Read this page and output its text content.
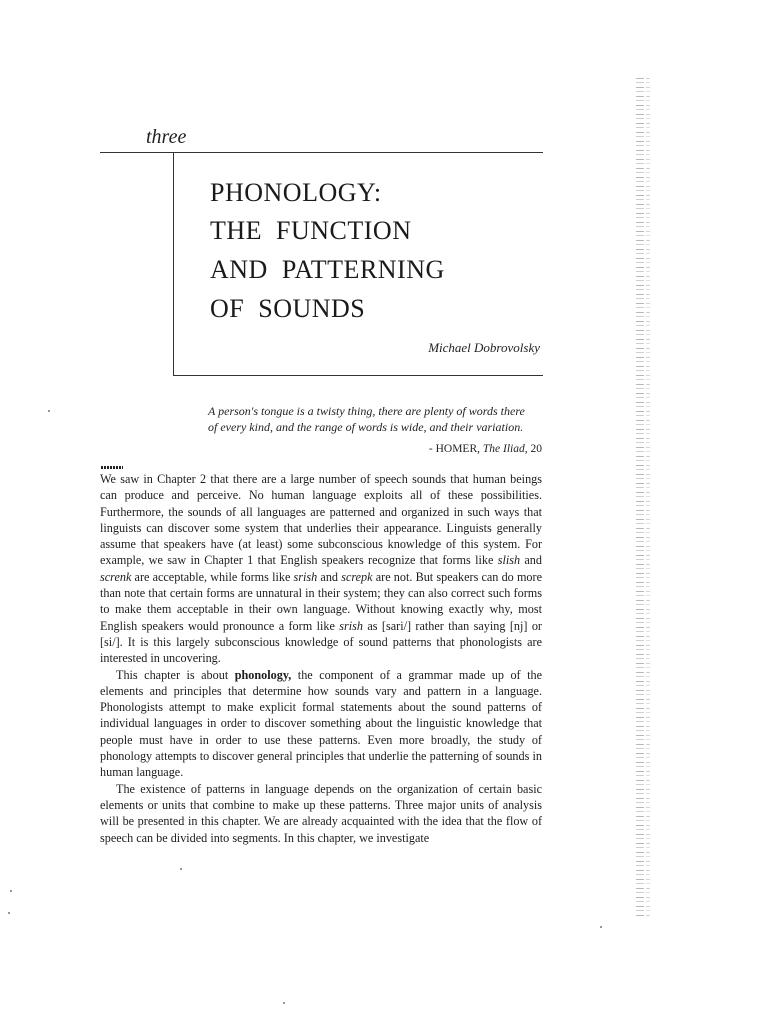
three
PHONOLOGY:
THE  FUNCTION
AND  PATTERNING
OF  SOUNDS
Michael Dobrovolsky
A person's tongue is a twisty thing, there are plenty of words there
of every kind, and the range of words is wide, and their variation.
- HOMER, The Iliad, 20

We saw in Chapter 2 that there are a large number of speech sounds that human beings can produce and perceive. No human language exploits all of these possibilities. Furthermore, the sounds of all languages are patterned and organized in such ways that linguists can discover some system that underlies their appearance. Linguists generally assume that speakers have (at least) some subconscious knowledge of this system. For example, we saw in Chapter 1 that English speakers recognize that forms like slish and screnk are acceptable, while forms like srish and screpk are not. But speakers can do more than note that certain forms are unnatural in their system; they can also correct such forms to make them acceptable in their own language. Without knowing exactly why, most English speakers would pronounce a form like srish as [sari/] rather than saying [nj] or [si/]. It is this largely subconscious knowledge of sound patterns that phonologists are interested in uncovering.

This chapter is about phonology, the component of a grammar made up of the elements and principles that determine how sounds vary and pattern in a language. Phonologists attempt to make explicit formal statements about the sound patterns of individual languages in order to discover something about the linguistic knowledge that people must have in order to use these patterns. Even more broadly, the study of phonology attempts to discover general principles that underlie the patterning of sounds in human language.

The existence of patterns in language depends on the organization of certain basic elements or units that combine to make up these patterns. Three major units of analysis will be presented in this chapter. We are already acquainted with the idea that the flow of speech can be divided into segments. In this chapter, we investigate
